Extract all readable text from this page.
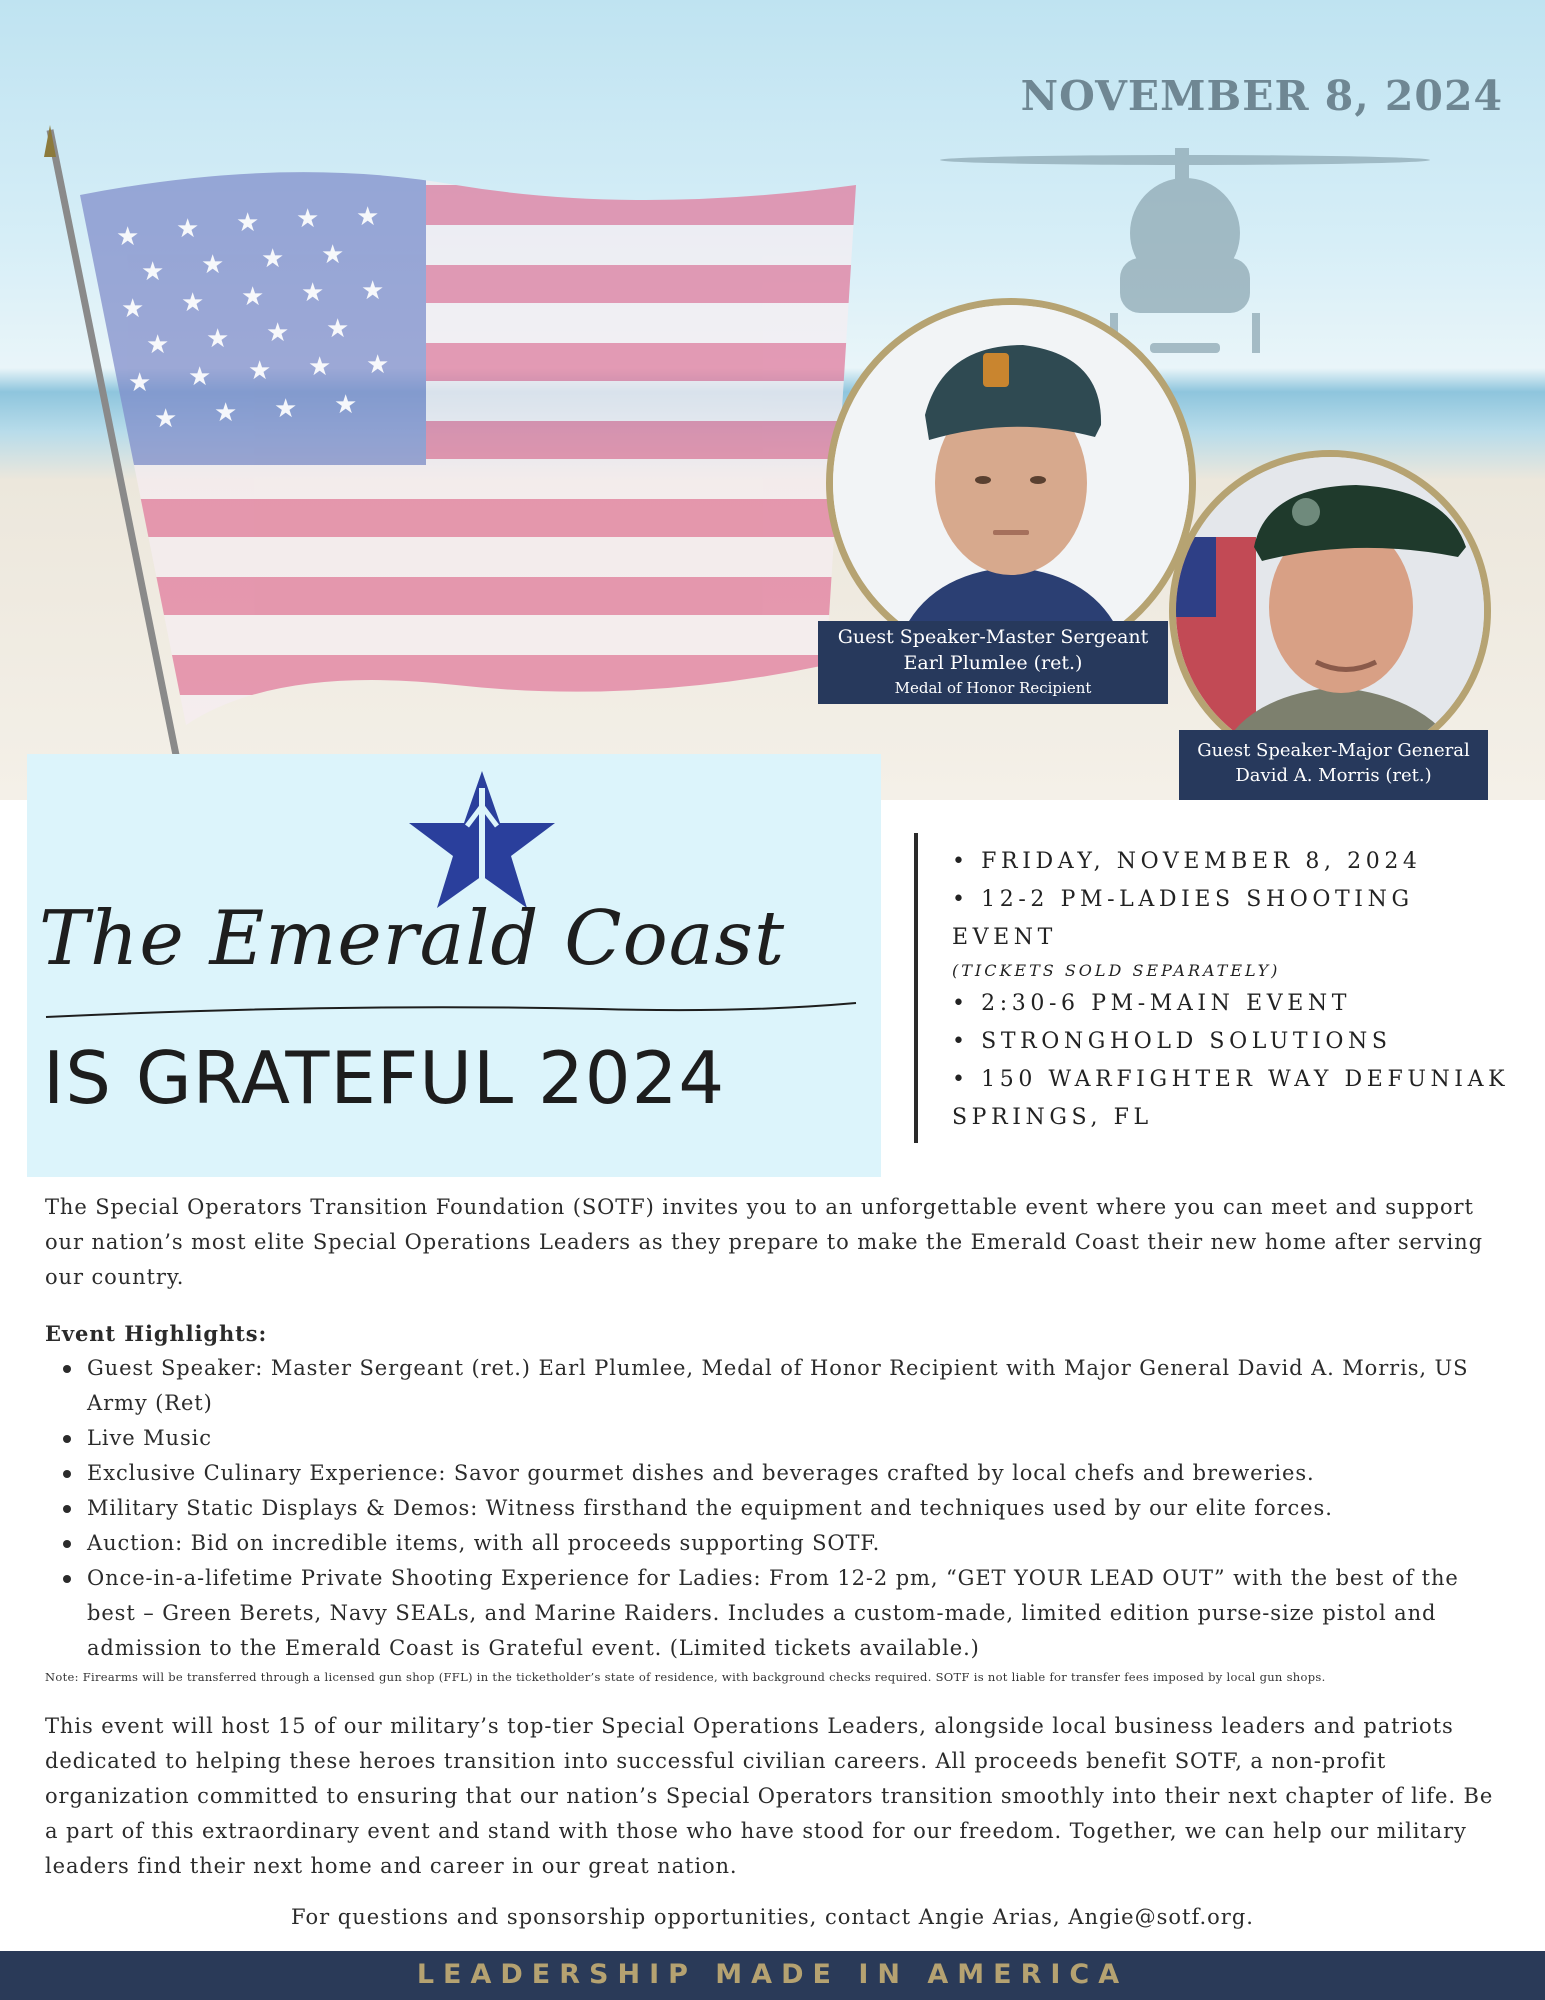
NOVEMBER 8, 2024
★ ★ ★ ★ ★
★ ★ ★ ★
★ ★ ★ ★ ★
★ ★ ★ ★
★ ★ ★ ★ ★
★ ★ ★ ★
Guest Speaker-Master Sergeant
Earl Plumlee (ret.)
Medal of Honor Recipient
Guest Speaker-Major General
David A. Morris (ret.)
The Emerald Coast
IS GRATEFUL 2024
• FRIDAY, NOVEMBER 8, 2024
• 12-2 PM-LADIES SHOOTING
EVENT
(TICKETS SOLD SEPARATELY)
• 2:30-6 PM-MAIN EVENT
• STRONGHOLD SOLUTIONS
• 150 WARFIGHTER WAY DEFUNIAK
SPRINGS, FL
The Special Operators Transition Foundation (SOTF) invites you to an unforgettable event where you can meet and support our nation’s most elite Special Operations Leaders as they prepare to make the Emerald Coast their new home after serving our country.
Event Highlights:
Guest Speaker: Master Sergeant (ret.) Earl Plumlee, Medal of Honor Recipient with Major General David A. Morris, US Army (Ret)
Live Music
Exclusive Culinary Experience: Savor gourmet dishes and beverages crafted by local chefs and breweries.
Military Static Displays & Demos: Witness firsthand the equipment and techniques used by our elite forces.
Auction: Bid on incredible items, with all proceeds supporting SOTF.
Once-in-a-lifetime Private Shooting Experience for Ladies: From 12-2 pm, “GET YOUR LEAD OUT” with the best of the best – Green Berets, Navy SEALs, and Marine Raiders. Includes a custom-made, limited edition purse-size pistol and admission to the Emerald Coast is Grateful event. (Limited tickets available.)
Note: Firearms will be transferred through a licensed gun shop (FFL) in the ticketholder’s state of residence, with background checks required. SOTF is not liable for transfer fees imposed by local gun shops.
This event will host 15 of our military’s top-tier Special Operations Leaders, alongside local business leaders and patriots dedicated to helping these heroes transition into successful civilian careers. All proceeds benefit SOTF, a non-profit organization committed to ensuring that our nation’s Special Operators transition smoothly into their next chapter of life. Be a part of this extraordinary event and stand with those who have stood for our freedom. Together, we can help our military leaders find their next home and career in our great nation.
For questions and sponsorship opportunities, contact Angie Arias, Angie@sotf.org.
LEADERSHIP MADE IN AMERICA
